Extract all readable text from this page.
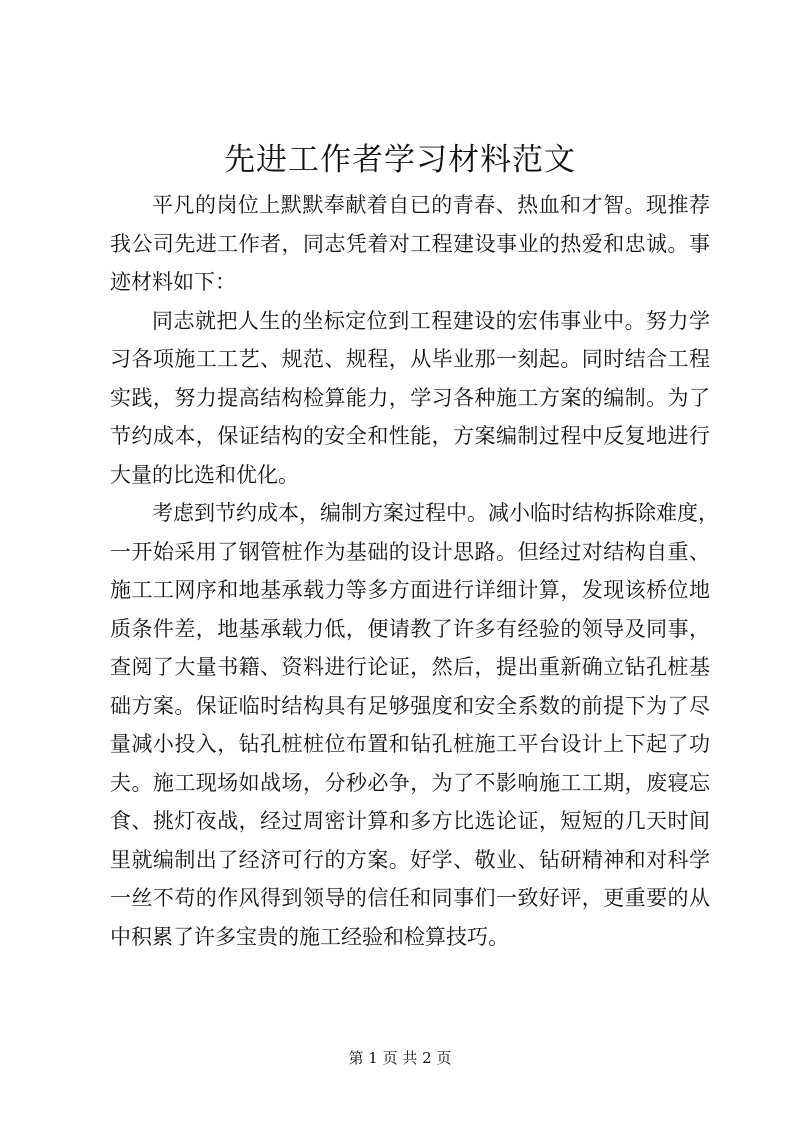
先进工作者学习材料范文

平凡的岗位上默默奉献着自已的青春、热血和才智。现推荐
我公司先进工作者，同志凭着对工程建设事业的热爱和忠诚。事
迹材料如下：

同志就把人生的坐标定位到工程建设的宏伟事业中。努力学
习各项施工工艺、规范、规程，从毕业那一刻起。同时结合工程
实践，努力提高结构检算能力，学习各种施工方案的编制。为了
节约成本，保证结构的安全和性能，方案编制过程中反复地进行
大量的比选和优化。

考虑到节约成本，编制方案过程中。减小临时结构拆除难度，
一开始采用了钢管桩作为基础的设计思路。但经过对结构自重、
施工工网序和地基承载力等多方面进行详细计算，发现该桥位地
质条件差，地基承载力低，便请教了许多有经验的领导及同事，
查阅了大量书籍、资料进行论证，然后，提出重新确立钻孔桩基
础方案。保证临时结构具有足够强度和安全系数的前提下为了尽
量减小投入，钻孔桩桩位布置和钻孔桩施工平台设计上下起了功
夫。施工现场如战场，分秒必争，为了不影响施工工期，废寝忘
食、挑灯夜战，经过周密计算和多方比选论证，短短的几天时间
里就编制出了经济可行的方案。好学、敬业、钻研精神和对科学
一丝不苟的作风得到领导的信任和同事们一致好评，更重要的从
中积累了许多宝贵的施工经验和检算技巧。

第 1 页 共 2 页
